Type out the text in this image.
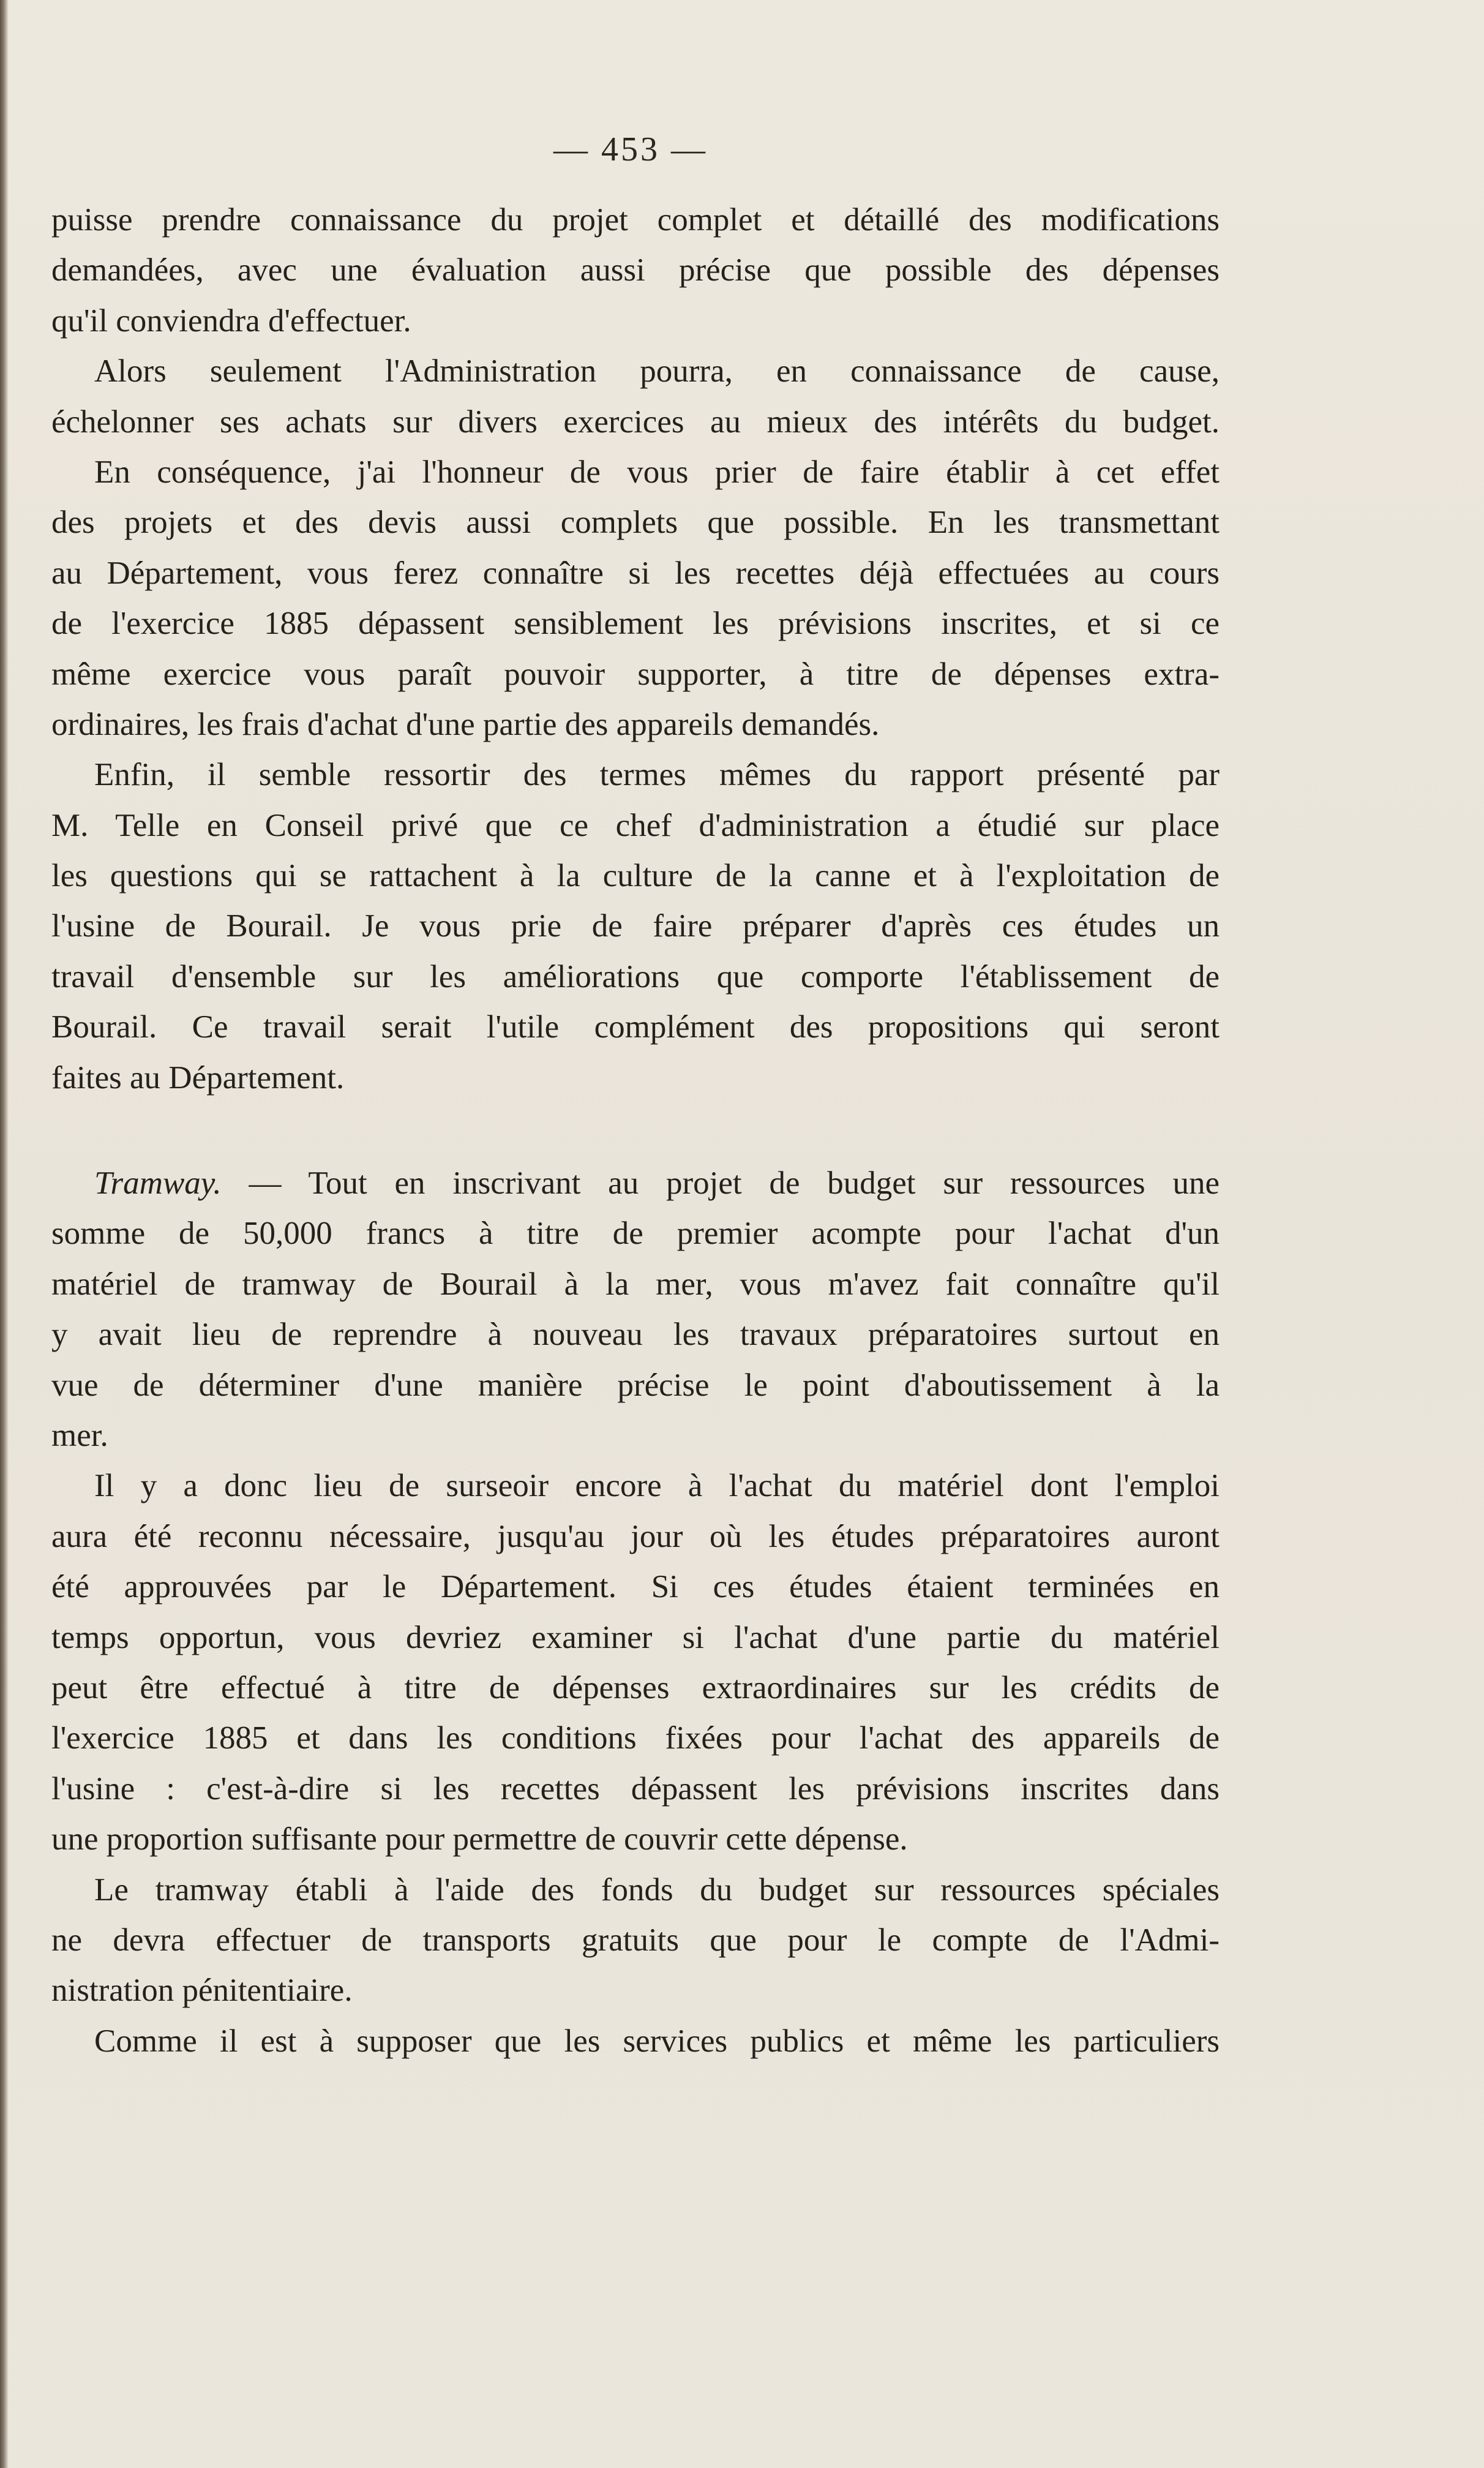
— 453 —
puisse prendre connaissance du projet complet et détaillé des modifications
demandées, avec une évaluation aussi précise que possible des dépenses
qu'il conviendra d'effectuer.
Alors seulement l'Administration pourra, en connaissance de cause,
échelonner ses achats sur divers exercices au mieux des intérêts du budget.
En conséquence, j'ai l'honneur de vous prier de faire établir à cet effet
des projets et des devis aussi complets que possible. En les transmettant
au Département, vous ferez connaître si les recettes déjà effectuées au cours
de l'exercice 1885 dépassent sensiblement les prévisions inscrites, et si ce
même exercice vous paraît pouvoir supporter, à titre de dépenses extra-
ordinaires, les frais d'achat d'une partie des appareils demandés.
Enfin, il semble ressortir des termes mêmes du rapport présenté par
M. Telle en Conseil privé que ce chef d'administration a étudié sur place
les questions qui se rattachent à la culture de la canne et à l'exploitation de
l'usine de Bourail. Je vous prie de faire préparer d'après ces études un
travail d'ensemble sur les améliorations que comporte l'établissement de
Bourail. Ce travail serait l'utile complément des propositions qui seront
faites au Département.
Tramway. — Tout en inscrivant au projet de budget sur ressources une
somme de 50,000 francs à titre de premier acompte pour l'achat d'un
matériel de tramway de Bourail à la mer, vous m'avez fait connaître qu'il
y avait lieu de reprendre à nouveau les travaux préparatoires surtout en
vue de déterminer d'une manière précise le point d'aboutissement à la
mer.
Il y a donc lieu de surseoir encore à l'achat du matériel dont l'emploi
aura été reconnu nécessaire, jusqu'au jour où les études préparatoires auront
été approuvées par le Département. Si ces études étaient terminées en
temps opportun, vous devriez examiner si l'achat d'une partie du matériel
peut être effectué à titre de dépenses extraordinaires sur les crédits de
l'exercice 1885 et dans les conditions fixées pour l'achat des appareils de
l'usine : c'est-à-dire si les recettes dépassent les prévisions inscrites dans
une proportion suffisante pour permettre de couvrir cette dépense.
Le tramway établi à l'aide des fonds du budget sur ressources spéciales
ne devra effectuer de transports gratuits que pour le compte de l'Admi-
nistration pénitentiaire.
Comme il est à supposer que les services publics et même les particuliers
